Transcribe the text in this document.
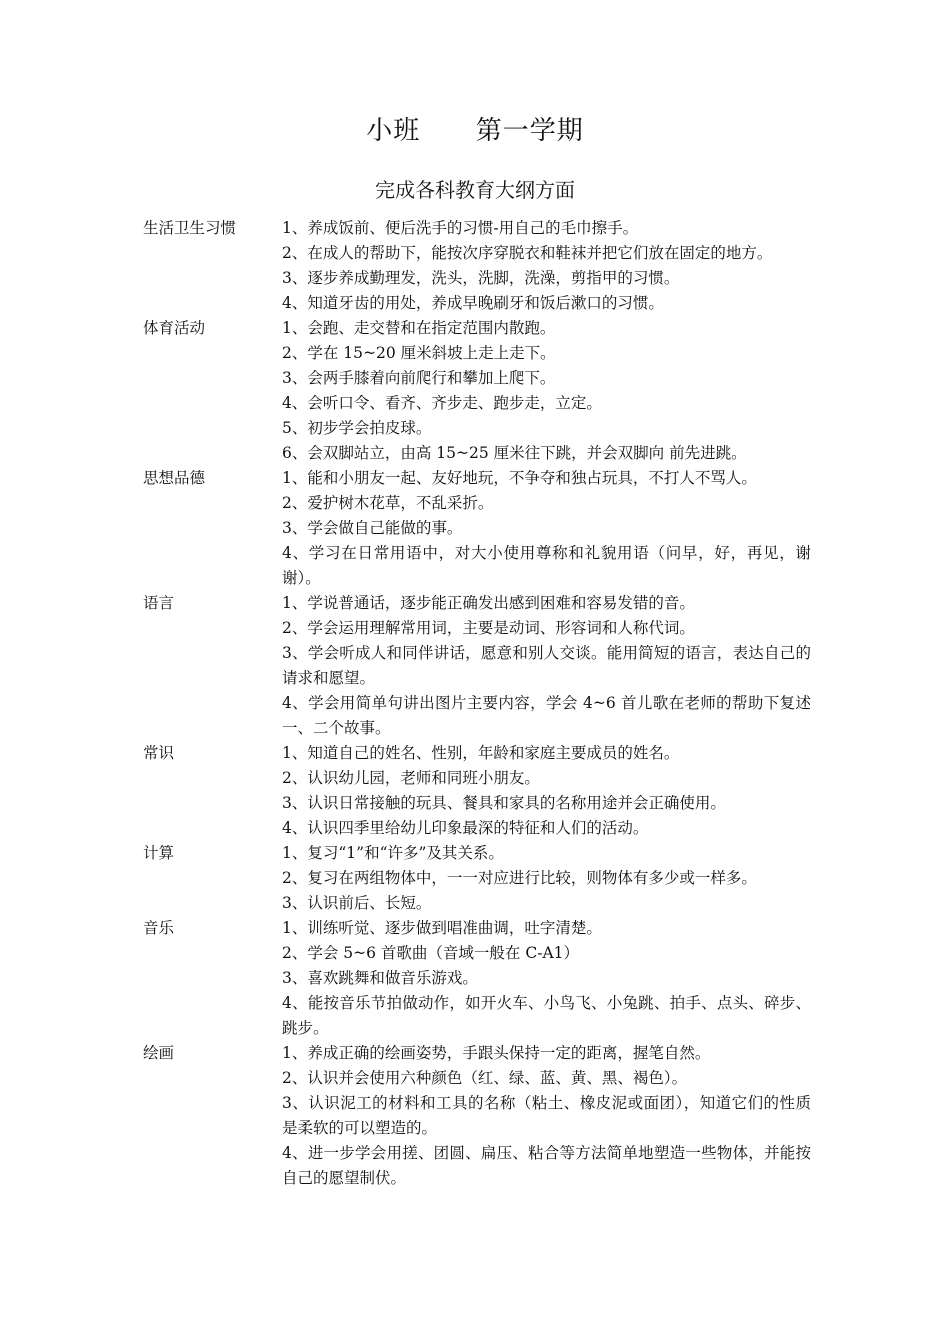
小班      第一学期
完成各科教育大纲方面
生活卫生习惯	1、养成饭前、便后洗手的习惯-用自己的毛巾擦手。
2、在成人的帮助下，能按次序穿脱衣和鞋袜并把它们放在固定的地方。
3、逐步养成勤理发，洗头，洗脚，洗澡，剪指甲的习惯。
4、知道牙齿的用处，养成早晚刷牙和饭后漱口的习惯。
体育活动	1、会跑、走交替和在指定范围内散跑。
2、学在 15~20 厘米斜坡上走上走下。
3、会两手膝着向前爬行和攀加上爬下。
4、会听口令、看齐、齐步走、跑步走，立定。
5、初步学会拍皮球。
6、会双脚站立，由高 15~25 厘米往下跳，并会双脚向 前先进跳。
思想品德	1、能和小朋友一起、友好地玩，不争夺和独占玩具，不打人不骂人。
2、爱护树木花草，不乱采折。
3、学会做自己能做的事。
4、学习在日常用语中，对大小使用尊称和礼貌用语（问早，好，再见，谢谢）。
语言	1、学说普通话，逐步能正确发出感到困难和容易发错的音。
2、学会运用理解常用词，主要是动词、形容词和人称代词。
3、学会听成人和同伴讲话，愿意和别人交谈。能用简短的语言，表达自己的请求和愿望。
4、学会用简单句讲出图片主要内容，学会 4~6 首儿歌在老师的帮助下复述一、二个故事。
常识	1、知道自己的姓名、性别，年龄和家庭主要成员的姓名。
2、认识幼儿园，老师和同班小朋友。
3、认识日常接触的玩具、餐具和家具的名称用途并会正确使用。
4、认识四季里给幼儿印象最深的特征和人们的活动。
计算	1、复习“1”和“许多”及其关系。
2、复习在两组物体中，一一对应进行比较，则物体有多少或一样多。
3、认识前后、长短。
音乐	1、训练听觉、逐步做到唱准曲调，吐字清楚。
2、学会 5~6 首歌曲（音域一般在 C-A1）
3、喜欢跳舞和做音乐游戏。
4、能按音乐节拍做动作，如开火车、小鸟飞、小兔跳、拍手、点头、碎步、跳步。
绘画	1、养成正确的绘画姿势，手跟头保持一定的距离，握笔自然。
2、认识并会使用六种颜色（红、绿、蓝、黄、黑、褐色）。
3、认识泥工的材料和工具的名称（粘土、橡皮泥或面团），知道它们的性质是柔软的可以塑造的。
4、进一步学会用搓、团圆、扁压、粘合等方法简单地塑造一些物体，并能按自己的愿望制伏。
